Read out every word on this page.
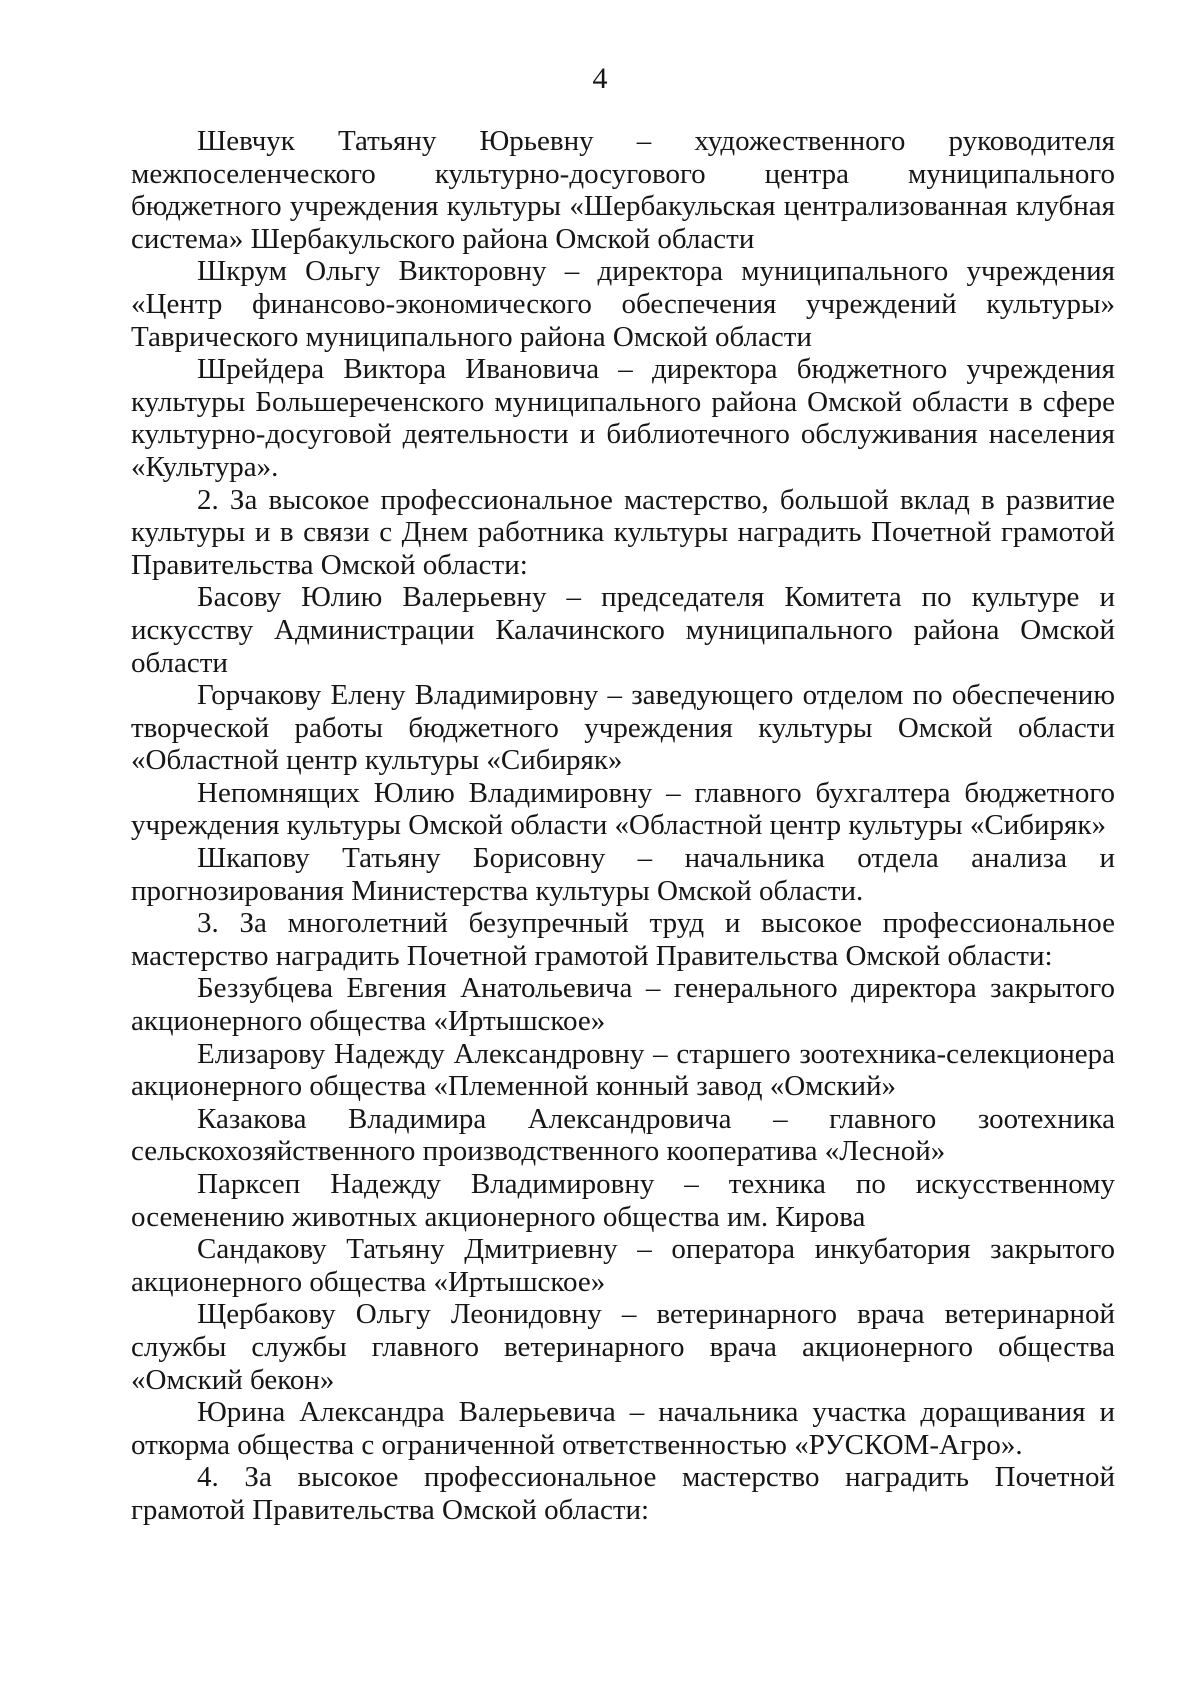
4

Шевчук Татьяну Юрьевну – художественного руководителя межпоселенческого культурно-досугового центра муниципального бюджетного учреждения культуры «Шербакульская централизованная клубная система» Шербакульского района Омской области

Шкрум Ольгу Викторовну – директора муниципального учреждения «Центр финансово-экономического обеспечения учреждений культуры» Таврического муниципального района Омской области

Шрейдера Виктора Ивановича – директора бюджетного учреждения культуры Большереченского муниципального района Омской области в сфере культурно-досуговой деятельности и библиотечного обслуживания населения «Культура».

2. За высокое профессиональное мастерство, большой вклад в развитие культуры и в связи с Днем работника культуры наградить Почетной грамотой Правительства Омской области:

Басову Юлию Валерьевну – председателя Комитета по культуре и искусству Администрации Калачинского муниципального района Омской области

Горчакову Елену Владимировну – заведующего отделом по обеспечению творческой работы бюджетного учреждения культуры Омской области «Областной центр культуры «Сибиряк»

Непомнящих Юлию Владимировну – главного бухгалтера бюджетного учреждения культуры Омской области «Областной центр культуры «Сибиряк»

Шкапову Татьяну Борисовну – начальника отдела анализа и прогнозирования Министерства культуры Омской области.

3. За многолетний безупречный труд и высокое профессиональное мастерство наградить Почетной грамотой Правительства Омской области:

Беззубцева Евгения Анатольевича – генерального директора закрытого акционерного общества «Иртышское»

Елизарову Надежду Александровну – старшего зоотехника-селекционера акционерного общества «Племенной конный завод «Омский»

Казакова Владимира Александровича – главного зоотехника сельскохозяйственного производственного кооператива «Лесной»

Парксеп Надежду Владимировну – техника по искусственному осеменению животных акционерного общества им. Кирова

Сандакову Татьяну Дмитриевну – оператора инкубатория закрытого акционерного общества «Иртышское»

Щербакову Ольгу Леонидовну – ветеринарного врача ветеринарной службы службы главного ветеринарного врача акционерного общества «Омский бекон»

Юрина Александра Валерьевича – начальника участка доращивания и откорма общества с ограниченной ответственностью «РУСКОМ-Агро».

4. За высокое профессиональное мастерство наградить Почетной грамотой Правительства Омской области:
